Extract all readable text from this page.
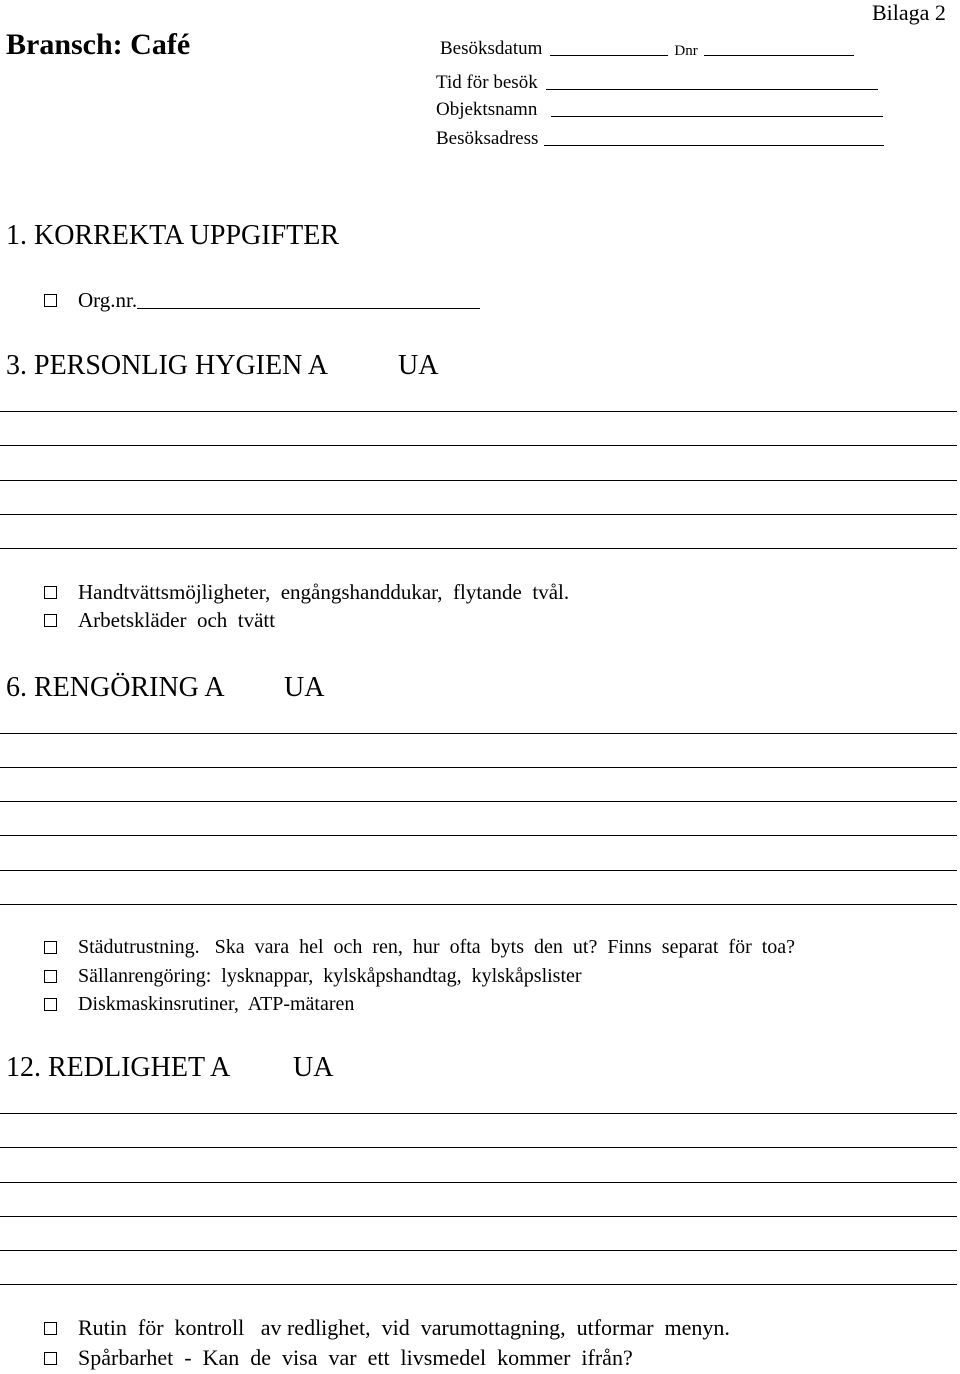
Bilaga 2
Bransch: Café	Besöksdatum	Dnr
Tid för besök
Objektsnamn
Besöksadress
1. KORREKTA UPPGIFTER
Org.nr.
3. PERSONLIG HYGIEN A	UA
Handtvättsmöjligheter,  engångshanddukar,  flytande  tvål.
Arbetskläder  och  tvätt
6. RENGÖRING A UA
Städutrustning.   Ska  vara  hel  och  ren,  hur  ofta  byts  den  ut?  Finns  separat  för  toa?
Sällanrengöring:  lysknappar,  kylskåpshandtag,  kylskåpslister
Diskmaskinsrutiner,  ATP-mätaren
12. REDLIGHET A UA
Rutin  för  kontroll   av redlighet,  vid  varumottagning,  utformar  menyn.
Spårbarhet  -  Kan  de  visa  var  ett  livsmedel  kommer  ifrån?
